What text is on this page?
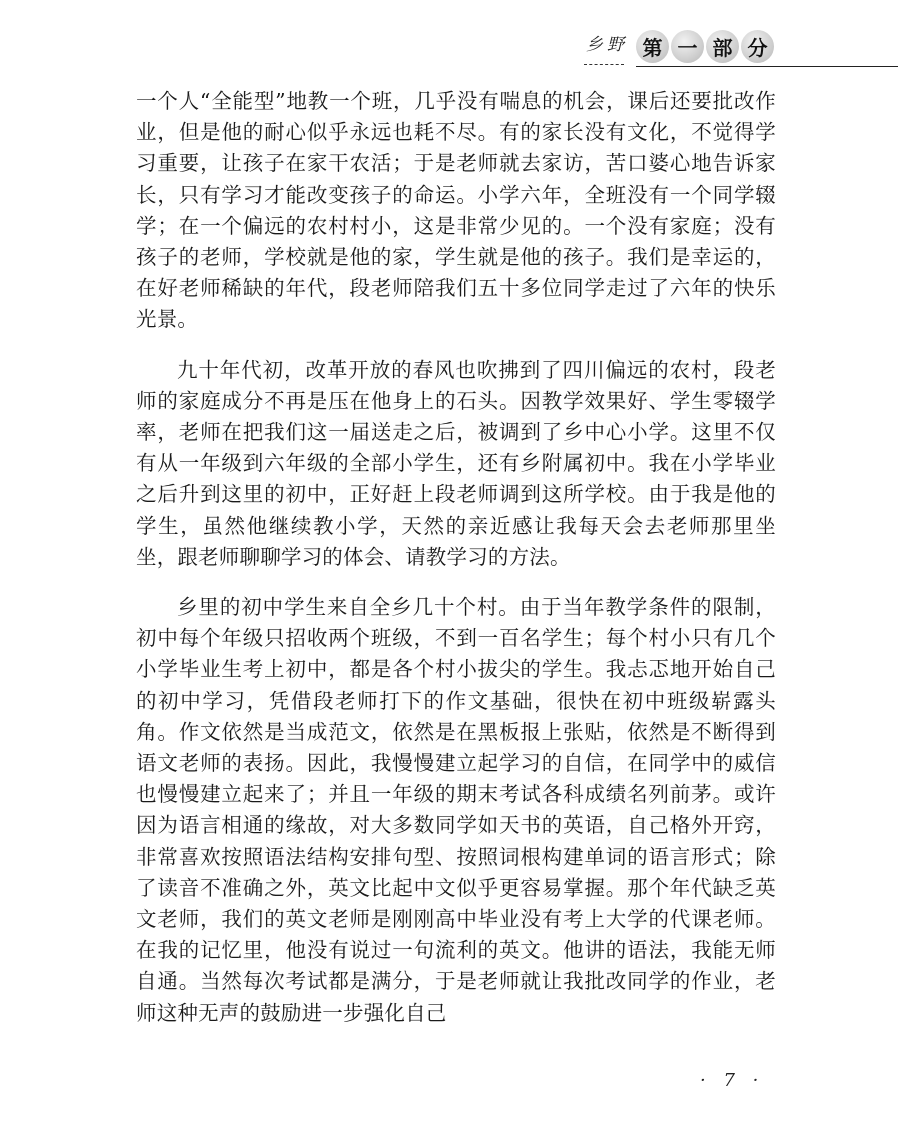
乡野 第 一 部 分

一个人“全能型”地教一个班，几乎没有喘息的机会，课后还要批改作业，但是他的耐心似乎永远也耗不尽。有的家长没有文化，不觉得学习重要，让孩子在家干农活；于是老师就去家访，苦口婆心地告诉家长，只有学习才能改变孩子的命运。小学六年，全班没有一个同学辍学；在一个偏远的农村村小，这是非常少见的。一个没有家庭；没有孩子的老师，学校就是他的家，学生就是他的孩子。我们是幸运的，在好老师稀缺的年代，段老师陪我们五十多位同学走过了六年的快乐光景。

九十年代初，改革开放的春风也吹拂到了四川偏远的农村，段老师的家庭成分不再是压在他身上的石头。因教学效果好、学生零辍学率，老师在把我们这一届送走之后，被调到了乡中心小学。这里不仅有从一年级到六年级的全部小学生，还有乡附属初中。我在小学毕业之后升到这里的初中，正好赶上段老师调到这所学校。由于我是他的学生，虽然他继续教小学，天然的亲近感让我每天会去老师那里坐坐，跟老师聊聊学习的体会、请教学习的方法。

乡里的初中学生来自全乡几十个村。由于当年教学条件的限制，初中每个年级只招收两个班级，不到一百名学生；每个村小只有几个小学毕业生考上初中，都是各个村小拔尖的学生。我忐忑地开始自己的初中学习，凭借段老师打下的作文基础，很快在初中班级崭露头角。作文依然是当成范文，依然是在黑板报上张贴，依然是不断得到语文老师的表扬。因此，我慢慢建立起学习的自信，在同学中的威信也慢慢建立起来了；并且一年级的期末考试各科成绩名列前茅。或许因为语言相通的缘故，对大多数同学如天书的英语，自己格外开窍，非常喜欢按照语法结构安排句型、按照词根构建单词的语言形式；除了读音不准确之外，英文比起中文似乎更容易掌握。那个年代缺乏英文老师，我们的英文老师是刚刚高中毕业没有考上大学的代课老师。在我的记忆里，他没有说过一句流利的英文。他讲的语法，我能无师自通。当然每次考试都是满分，于是老师就让我批改同学的作业，老师这种无声的鼓励进一步强化自己

· 7 ·
